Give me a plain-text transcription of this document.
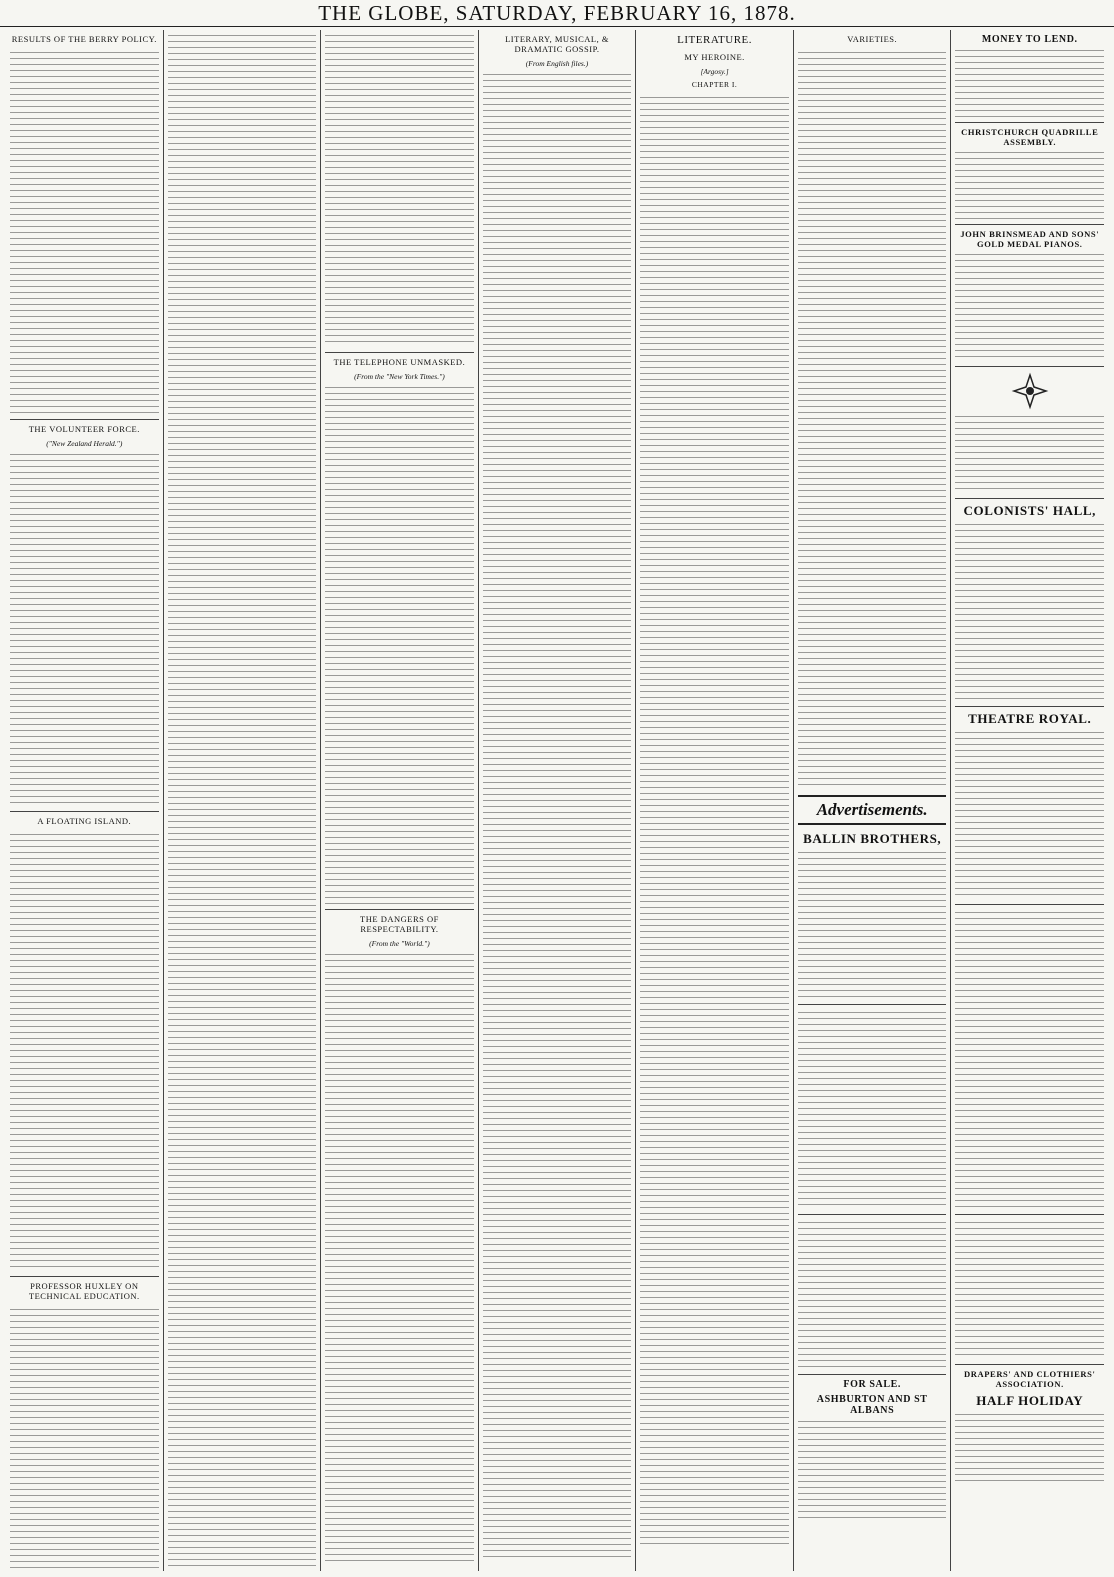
THE GLOBE, SATURDAY, FEBRUARY 16, 1878.
RESULTS OF THE BERRY POLICY.
THE VOLUNTEER FORCE.
("New Zealand Herald.")
A FLOATING ISLAND.
PROFESSOR HUXLEY ON TECHNICAL EDUCATION.
THE TELEPHONE UNMASKED.
(From the "New York Times.")
THE DANGERS OF RESPECTABILITY.
(From the "World.")
LITERARY, MUSICAL, & DRAMATIC GOSSIP.
(From English files.)
LITERATURE.
MY HEROINE.
[Argosy.]
CHAPTER I.
VARIETIES.
Advertisements.
BALLIN BROTHERS,
FOR SALE.
ASHBURTON AND ST ALBANS
MONEY TO LEND.
CHRISTCHURCH QUADRILLE ASSEMBLY.
JOHN BRINSMEAD AND SONS' GOLD MEDAL PIANOS.
COLONISTS' HALL,
THEATRE ROYAL.
DRAPERS' AND CLOTHIERS' ASSOCIATION.
HALF HOLIDAY
